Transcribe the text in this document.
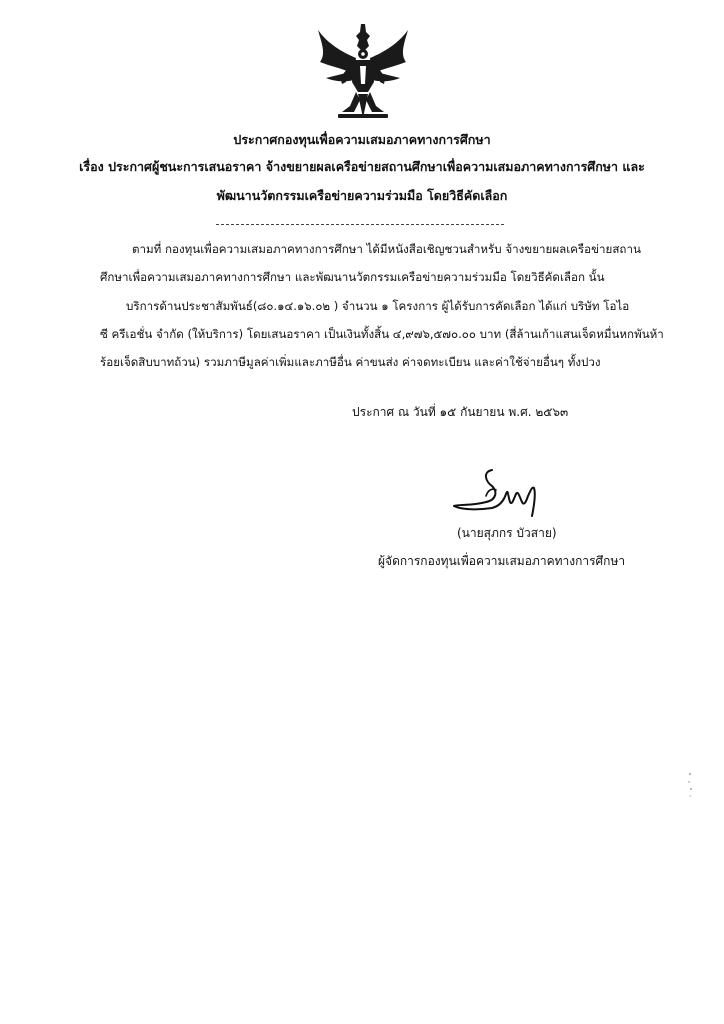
ประกาศกองทุนเพื่อความเสมอภาคทางการศึกษา
เรื่อง ประกาศผู้ชนะการเสนอราคา จ้างขยายผลเครือข่ายสถานศึกษาเพื่อความเสมอภาคทางการศึกษา และ
พัฒนานวัตกรรมเครือข่ายความร่วมมือ โดยวิธีคัดเลือก
ตามที่ กองทุนเพื่อความเสมอภาคทางการศึกษา ได้มีหนังสือเชิญชวนสำหรับ จ้างขยายผลเครือข่ายสถาน
ศึกษาเพื่อความเสมอภาคทางการศึกษา และพัฒนานวัตกรรมเครือข่ายความร่วมมือ โดยวิธีคัดเลือก นั้น
บริการด้านประชาสัมพันธ์(๘๐.๑๔.๑๖.๐๒ ) จำนวน ๑ โครงการ ผู้ได้รับการคัดเลือก ได้แก่ บริษัท โอไอ
ซี ครีเอชั่น จำกัด (ให้บริการ) โดยเสนอราคา เป็นเงินทั้งสิ้น ๔,๙๗๖,๕๗๐.๐๐ บาท (สี่ล้านเก้าแสนเจ็ดหมื่นหกพันห้า
ร้อยเจ็ดสิบบาทถ้วน) รวมภาษีมูลค่าเพิ่มและภาษีอื่น ค่าขนส่ง ค่าจดทะเบียน และค่าใช้จ่ายอื่นๆ ทั้งปวง
ประกาศ ณ วันที่ ๑๕ กันยายน พ.ศ. ๒๕๖๓
(นายสุภกร บัวสาย)
ผู้จัดการกองทุนเพื่อความเสมอภาคทางการศึกษา
